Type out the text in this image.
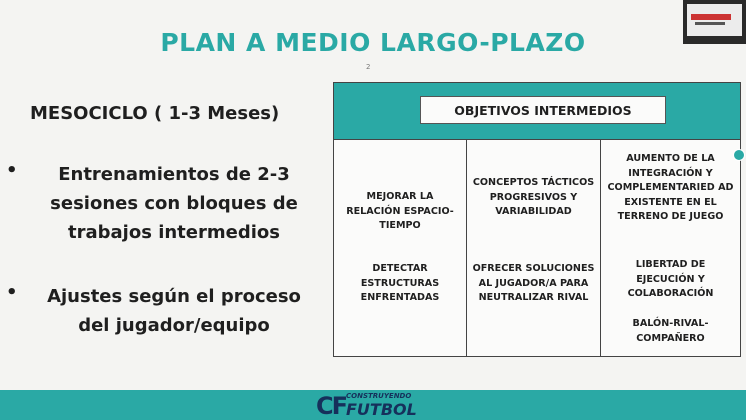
PLAN A MEDIO LARGO-PLAZO
2
MESOCICLO ( 1-3 Meses)
•	Entrenamientos de 2-3 sesiones con bloques de trabajos intermedios
•	Ajustes según el proceso del jugador/equipo
OBJETIVOS INTERMEDIOS
MEJORAR LA RELACIÓN ESPACIO-TIEMPO
DETECTAR ESTRUCTURAS ENFRENTADAS
CONCEPTOS TÁCTICOS PROGRESIVOS Y VARIABILIDAD
OFRECER SOLUCIONES AL JUGADOR/A PARA NEUTRALIZAR RIVAL
AUMENTO DE LA INTEGRACIÓN Y COMPLEMENTARIED AD EXISTENTE EN EL TERRENO DE JUEGO
LIBERTAD DE EJECUCIÓN Y COLABORACIÓN
BALÓN-RIVAL-COMPAÑERO
CF CONSTRUYENDO
FUTBOL
